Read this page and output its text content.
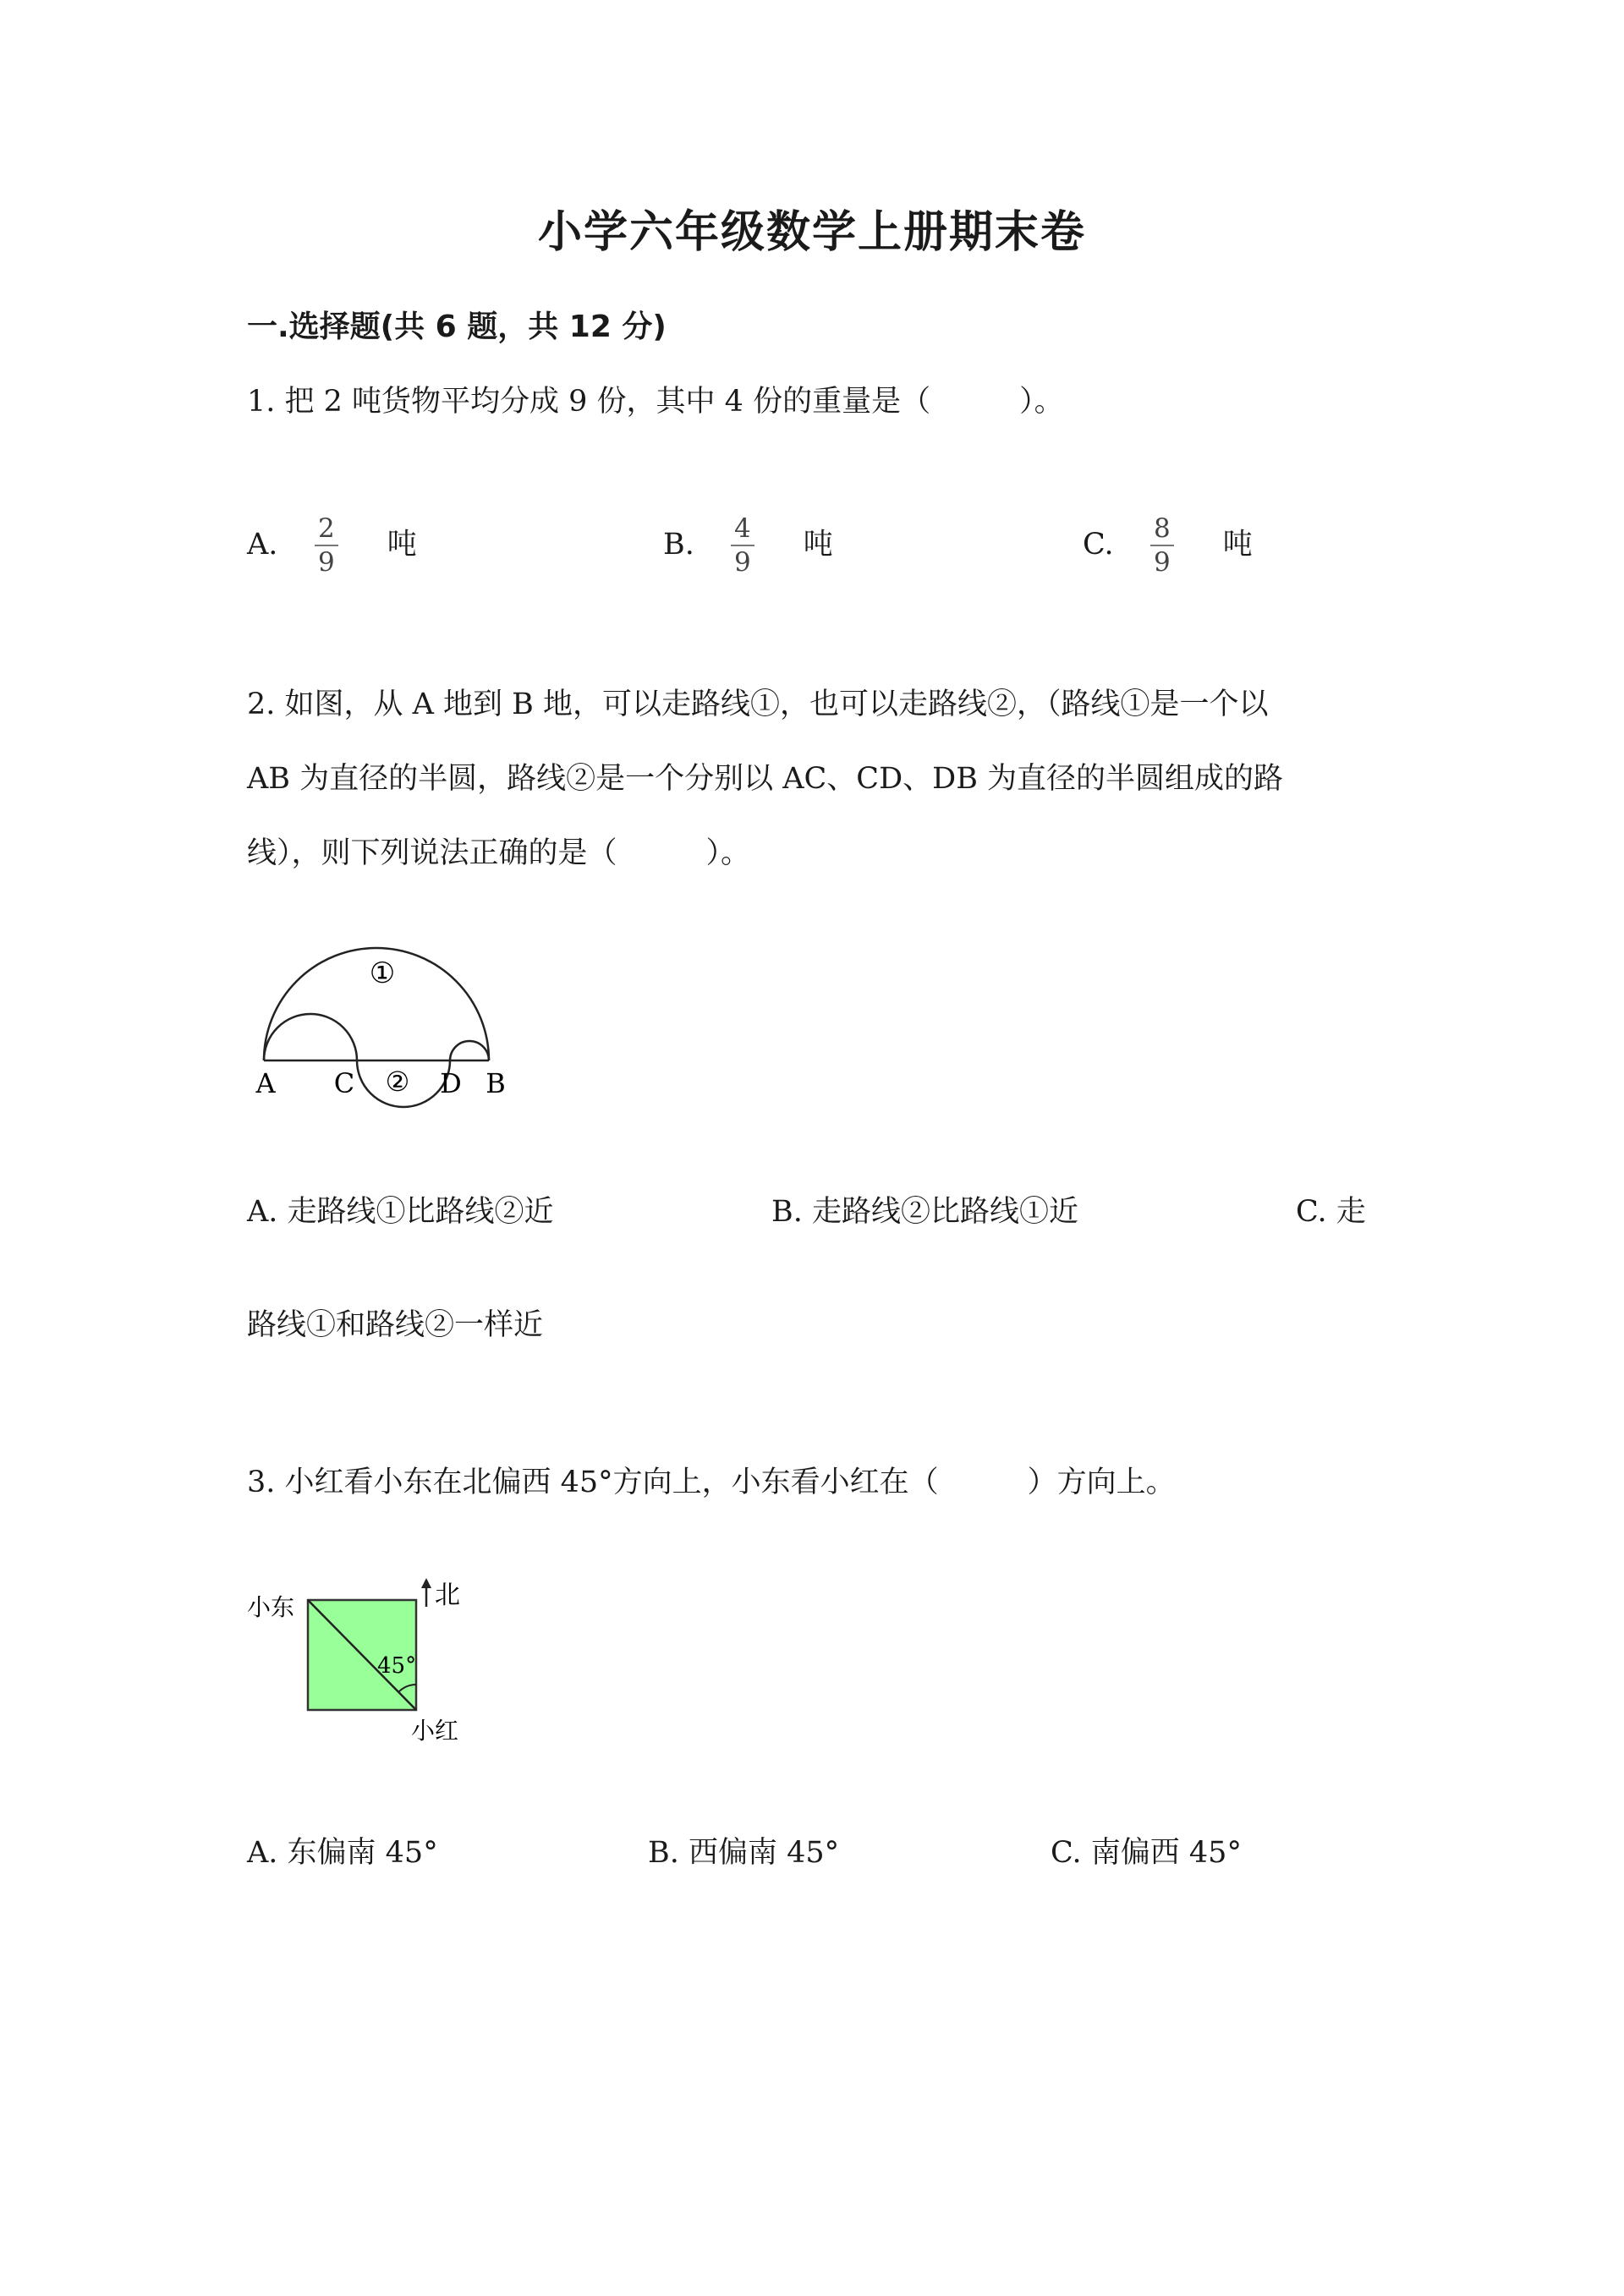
小学六年级数学上册期末卷
一.选择题(共 6 题，共 12 分)
1. 把 2 吨货物平均分成 9 份，其中 4 份的重量是（　　　）。
A. $\frac{2}{9}$ 吨	B. $\frac{4}{9}$ 吨	C. $\frac{8}{9}$ 吨
2. 如图，从 A 地到 B 地，可以走路线①，也可以走路线②，（路线①是一个以
AB 为直径的半圆，路线②是一个分别以 AC、CD、DB 为直径的半圆组成的路
线），则下列说法正确的是（　　　）。
①
A C ② D B
A. 走路线①比路线②近	B. 走路线②比路线①近	C. 走
路线①和路线②一样近
3. 小红看小东在北偏西 45°方向上，小东看小红在（　　　）方向上。
小东	北
45°
小红
A. 东偏南 45°	B. 西偏南 45°	C. 南偏西 45°
